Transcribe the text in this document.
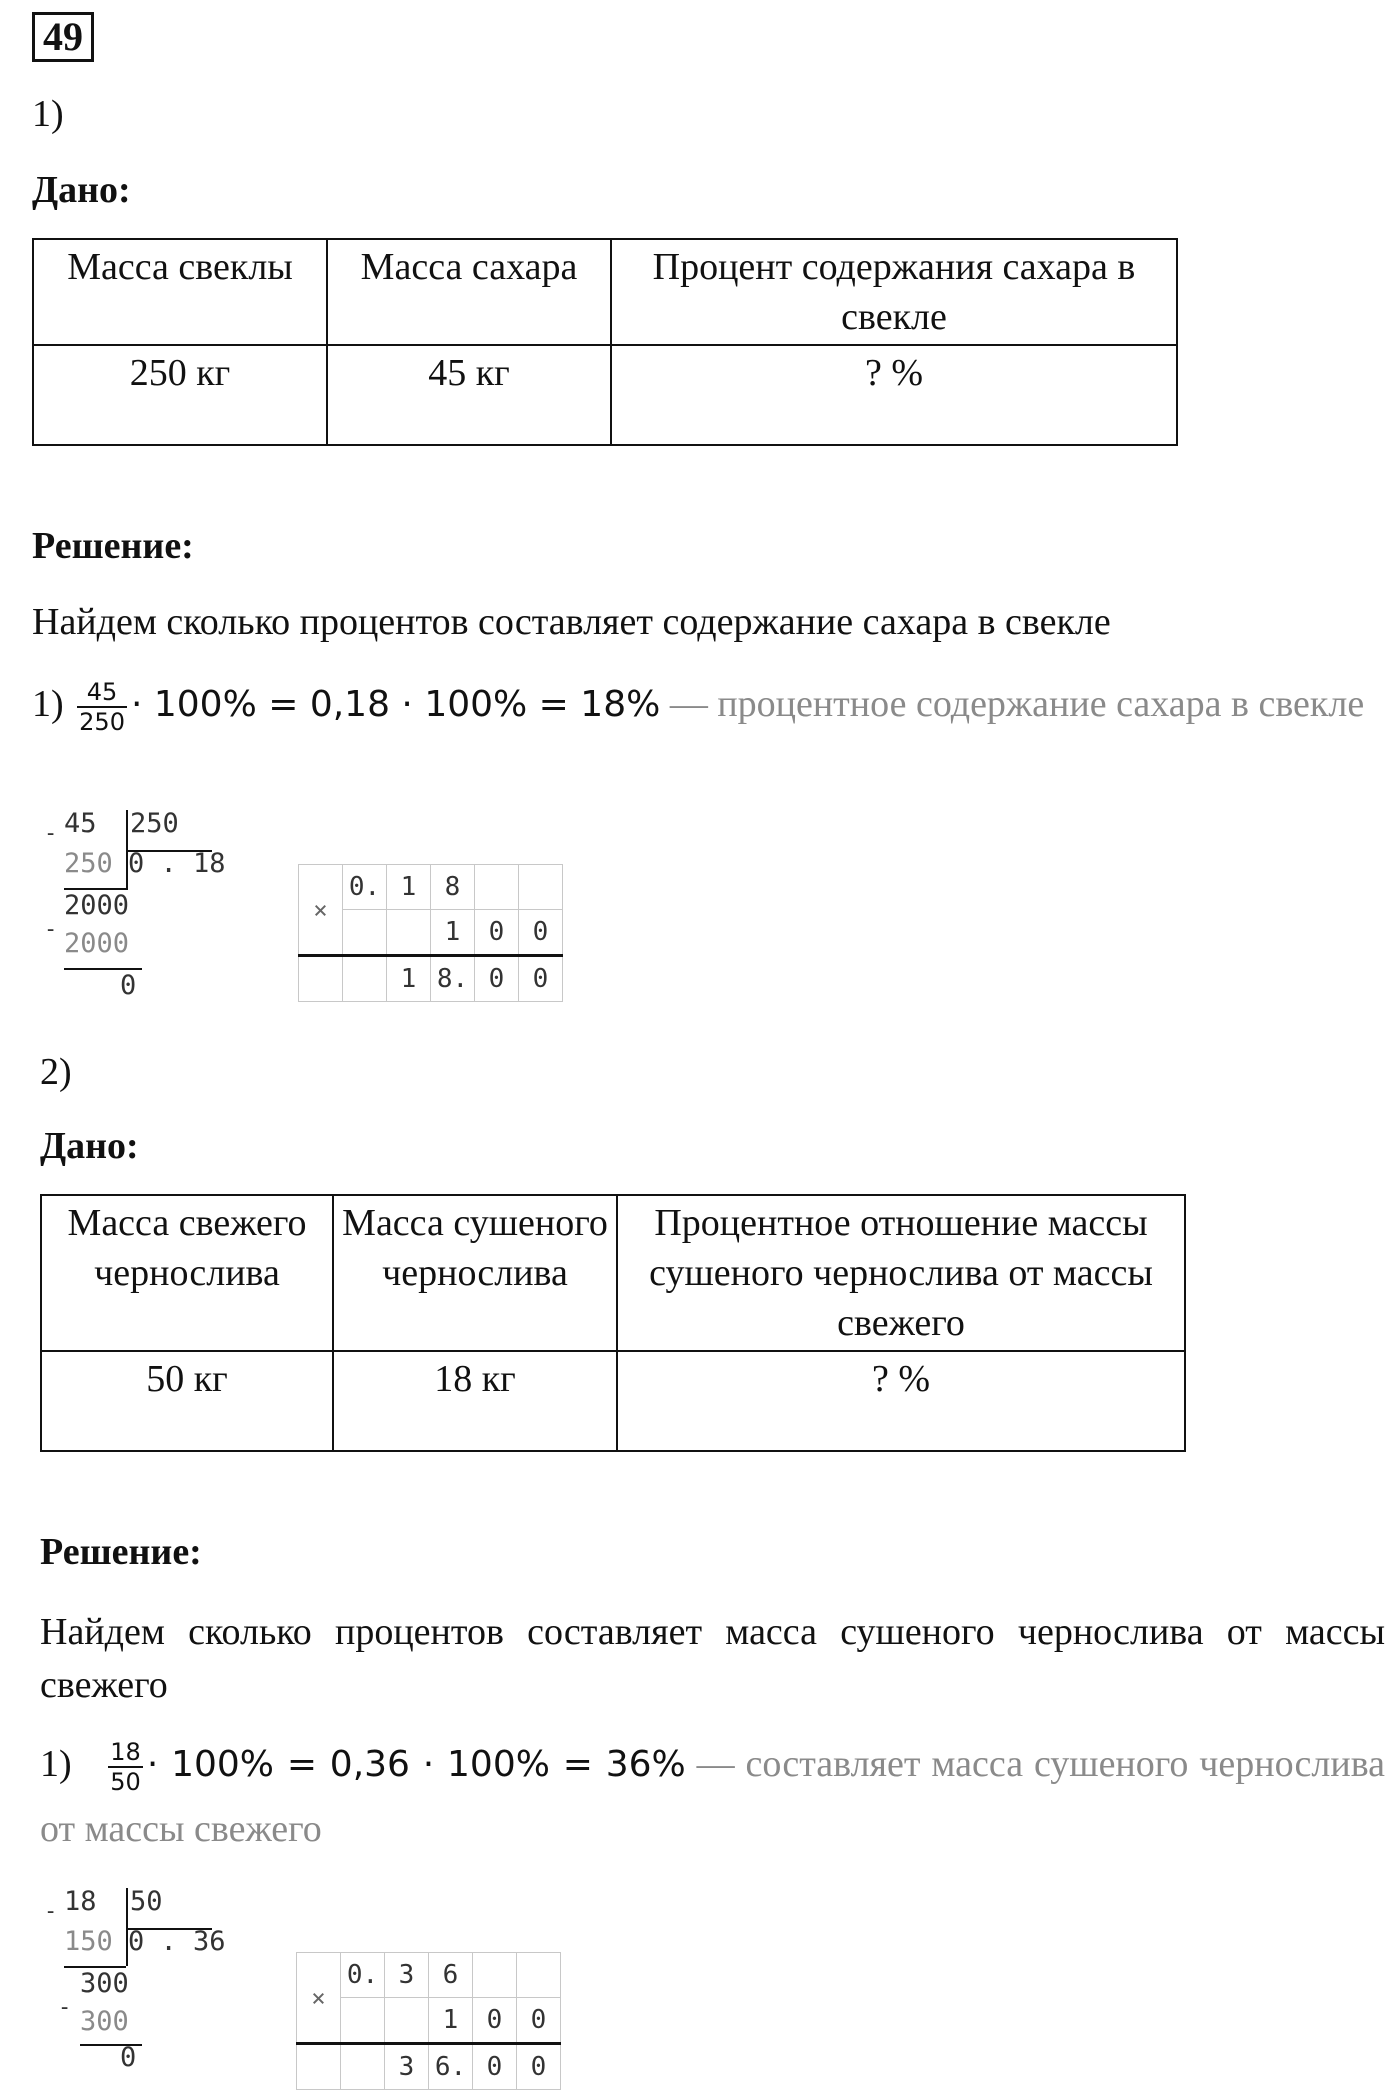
49
1)
Дано:
Масса свеклы	Масса сахара	Процент содержания сахара в свекле
250 кг	45 кг	? %
Решение:
Найдем сколько процентов составляет содержание сахара в свекле
$1) \frac{45}{250} \cdot 100\% = 0,18 \cdot 100\% = 18\%$ — процентное содержание сахара в свекле
- 45 250
250 0 . 18
2000
- 2000
0
×	0.	1	8		
			1	0	0
		1	8.	0	0
2)
Дано:
Масса свежего чернослива	Масса сушеного чернослива	Процентное отношение массы сушеного чернослива от массы свежего
50 кг	18 кг	? %
Решение:
Найдем сколько процентов составляет масса сушеного чернослива от массы свежего
$1) \frac{18}{50} \cdot 100\% = 0,36 \cdot 100\% = 36\%$ — составляет масса сушеного чернослива от массы свежего
- 18 50
150 0 . 36
300
- 300
0
×	0.	3	6		
			1	0	0
		3	6.	0	0
